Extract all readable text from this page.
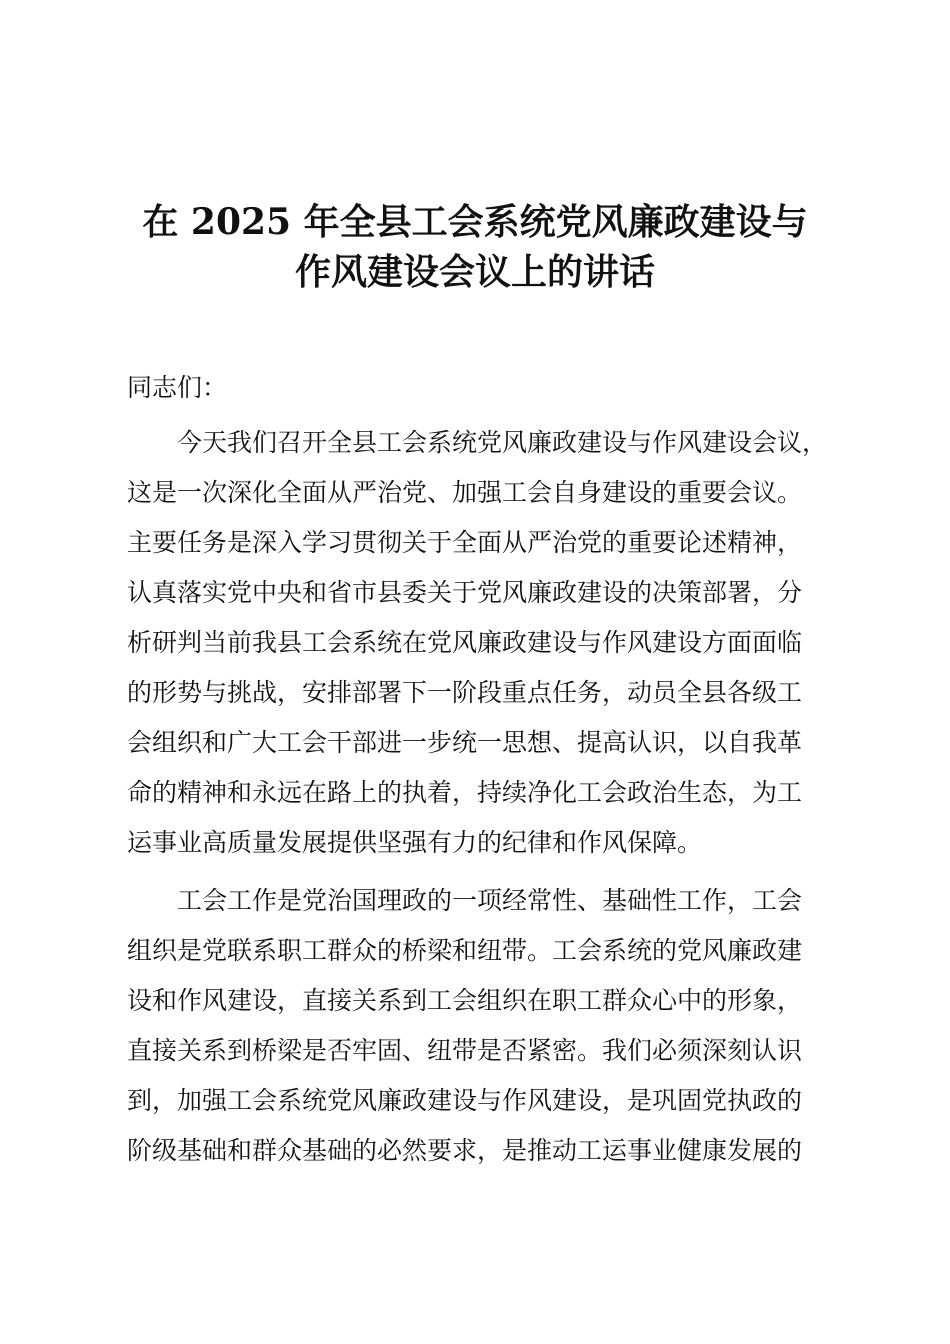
在 2025 年全县工会系统党风廉政建设与
作风建设会议上的讲话
同志们：
今天我们召开全县工会系统党风廉政建设与作风建设会议，
这是一次深化全面从严治党、加强工会自身建设的重要会议。
主要任务是深入学习贯彻关于全面从严治党的重要论述精神，
认真落实党中央和省市县委关于党风廉政建设的决策部署，分
析研判当前我县工会系统在党风廉政建设与作风建设方面面临
的形势与挑战，安排部署下一阶段重点任务，动员全县各级工
会组织和广大工会干部进一步统一思想、提高认识，以自我革
命的精神和永远在路上的执着，持续净化工会政治生态，为工
运事业高质量发展提供坚强有力的纪律和作风保障。
工会工作是党治国理政的一项经常性、基础性工作，工会
组织是党联系职工群众的桥梁和纽带。工会系统的党风廉政建
设和作风建设，直接关系到工会组织在职工群众心中的形象，
直接关系到桥梁是否牢固、纽带是否紧密。我们必须深刻认识
到，加强工会系统党风廉政建设与作风建设，是巩固党执政的
阶级基础和群众基础的必然要求，是推动工运事业健康发展的
